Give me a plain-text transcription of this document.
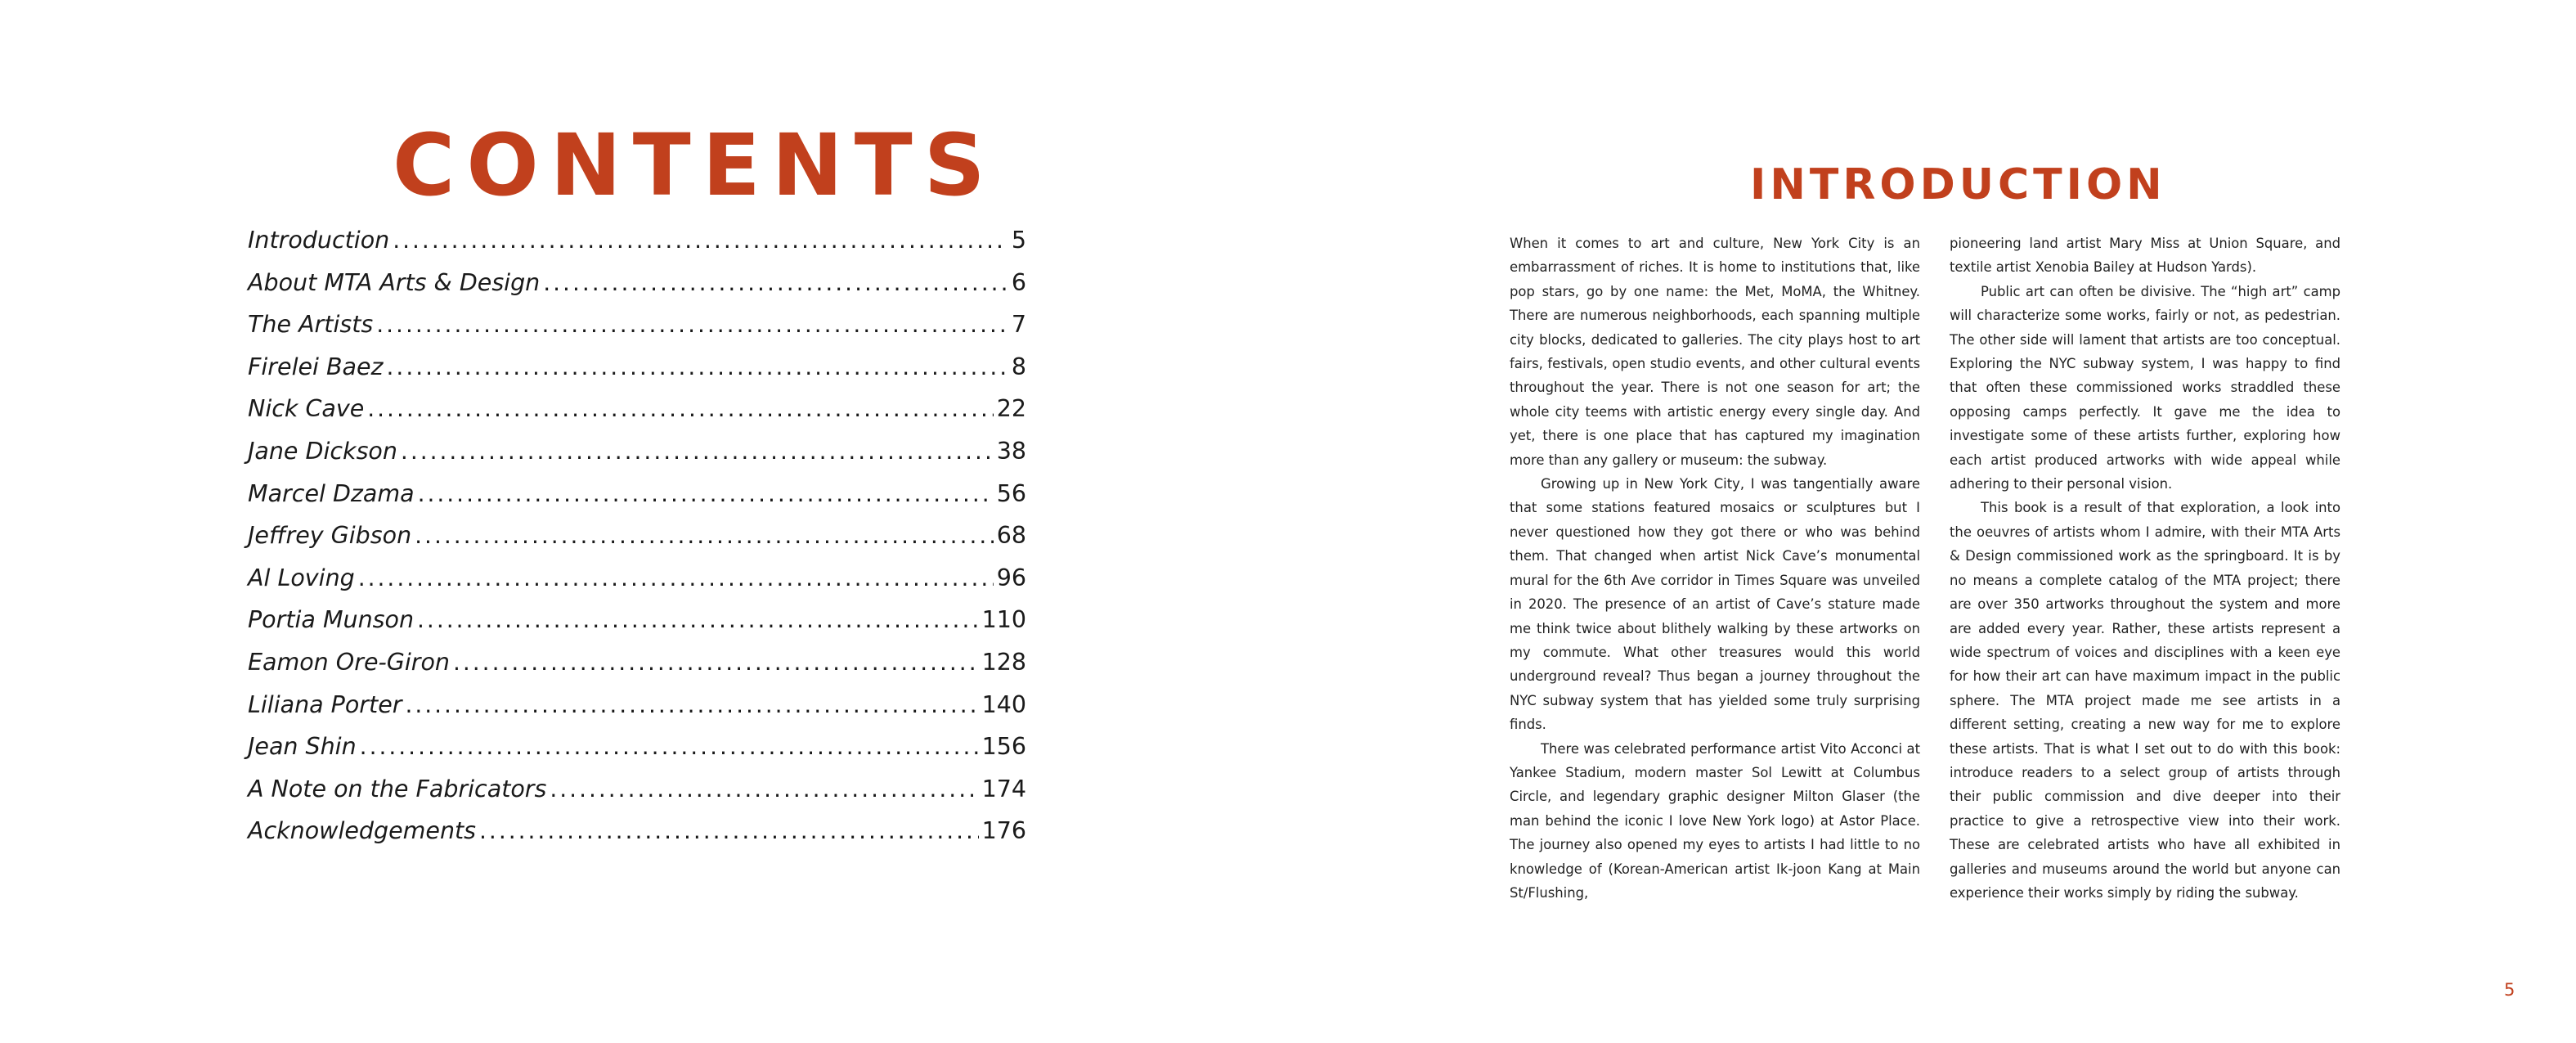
CONTENTS
Introduction .....	5
About MTA Arts & Design .....	6
The Artists .....	7
Firelei Baez .....	8
Nick Cave .....	22
Jane Dickson .....	38
Marcel Dzama .....	56
Jeffrey Gibson .....	68
Al Loving .....	96
Portia Munson .....	110
Eamon Ore-Giron .....	128
Liliana Porter .....	140
Jean Shin .....	156
A Note on the Fabricators .....	174
Acknowledgements .....	176
INTRODUCTION

When it comes to art and culture, New York City is an embarrassment of riches. It is home to institutions that, like pop stars, go by one name: the Met, MoMA, the Whitney. There are numerous neighborhoods, each spanning multiple city blocks, dedicated to galleries. The city plays host to art fairs, festivals, open studio events, and other cultural events throughout the year. There is not one season for art; the whole city teems with artistic energy every single day. And yet, there is one place that has captured my imagination more than any gallery or museum: the subway.

Growing up in New York City, I was tangentially aware that some stations featured mosaics or sculptures but I never questioned how they got there or who was behind them. That changed when artist Nick Cave’s monumental mural for the 6th Ave corridor in Times Square was unveiled in 2020. The presence of an artist of Cave’s stature made me think twice about blithely walking by these artworks on my commute. What other treasures would this world underground reveal? Thus began a journey throughout the NYC subway system that has yielded some truly surprising finds.

There was celebrated performance artist Vito Acconci at Yankee Stadium, modern master Sol Lewitt at Columbus Circle, and legendary graphic designer Milton Glaser (the man behind the iconic I love New York logo) at Astor Place. The journey also opened my eyes to artists I had little to no knowledge of (Korean-American artist Ik-joon Kang at Main St/Flushing,

pioneering land artist Mary Miss at Union Square, and textile artist Xenobia Bailey at Hudson Yards).

Public art can often be divisive. The “high art” camp will characterize some works, fairly or not, as pedestrian. The other side will lament that artists are too conceptual. Exploring the NYC subway system, I was happy to find that often these commissioned works straddled these opposing camps perfectly. It gave me the idea to investigate some of these artists further, exploring how each artist produced artworks with wide appeal while adhering to their personal vision.

This book is a result of that exploration, a look into the oeuvres of artists whom I admire, with their MTA Arts & Design commissioned work as the springboard. It is by no means a complete catalog of the MTA project; there are over 350 artworks throughout the system and more are added every year. Rather, these artists represent a wide spectrum of voices and disciplines with a keen eye for how their art can have maximum impact in the public sphere. The MTA project made me see artists in a different setting, creating a new way for me to explore these artists. That is what I set out to do with this book: introduce readers to a select group of artists through their public commission and dive deeper into their practice to give a retrospective view into their work. These are celebrated artists who have all exhibited in galleries and museums around the world but anyone can experience their works simply by riding the subway.

5
